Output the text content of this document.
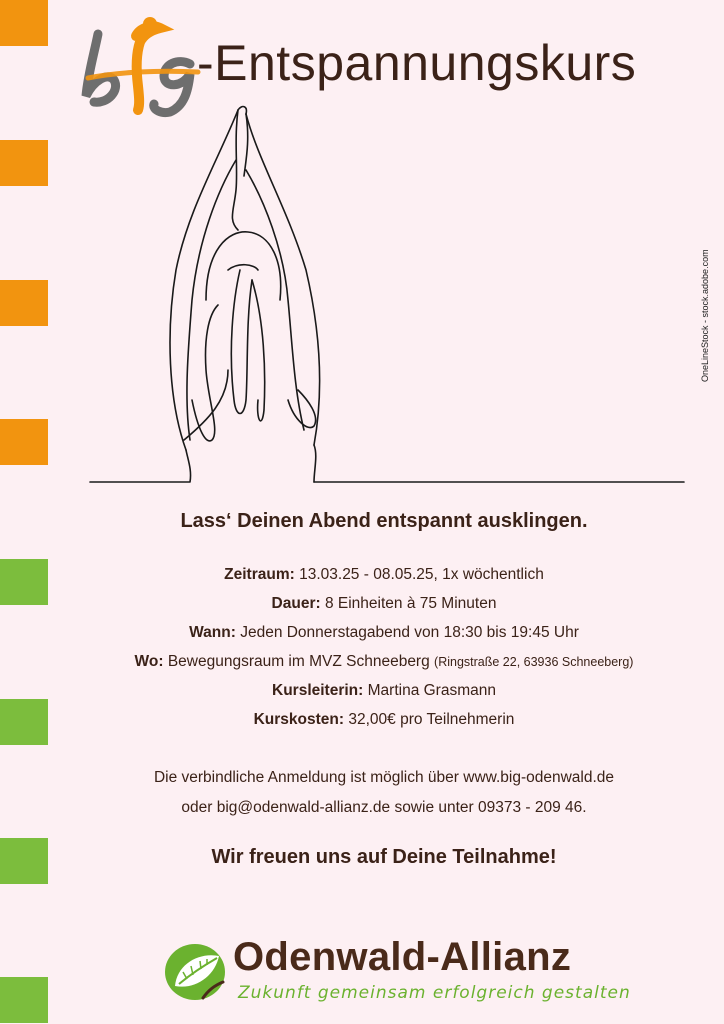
-Entspannungskurs
OneLineStock - stock.adobe.com
Lass‘ Deinen Abend entspannt ausklingen.
Zeitraum: 13.03.25 - 08.05.25, 1x wöchentlich
Dauer: 8 Einheiten à 75 Minuten
Wann: Jeden Donnerstagabend von 18:30 bis 19:45 Uhr
Wo: Bewegungsraum im MVZ Schneeberg (Ringstraße 22, 63936 Schneeberg)
Kursleiterin: Martina Grasmann
Kurskosten: 32,00€ pro Teilnehmerin
Die verbindliche Anmeldung ist möglich über www.big-odenwald.de
oder big@odenwald-allianz.de sowie unter 09373 - 209 46.
Wir freuen uns auf Deine Teilnahme!
Odenwald-Allianz
Zukunft gemeinsam erfolgreich gestalten
